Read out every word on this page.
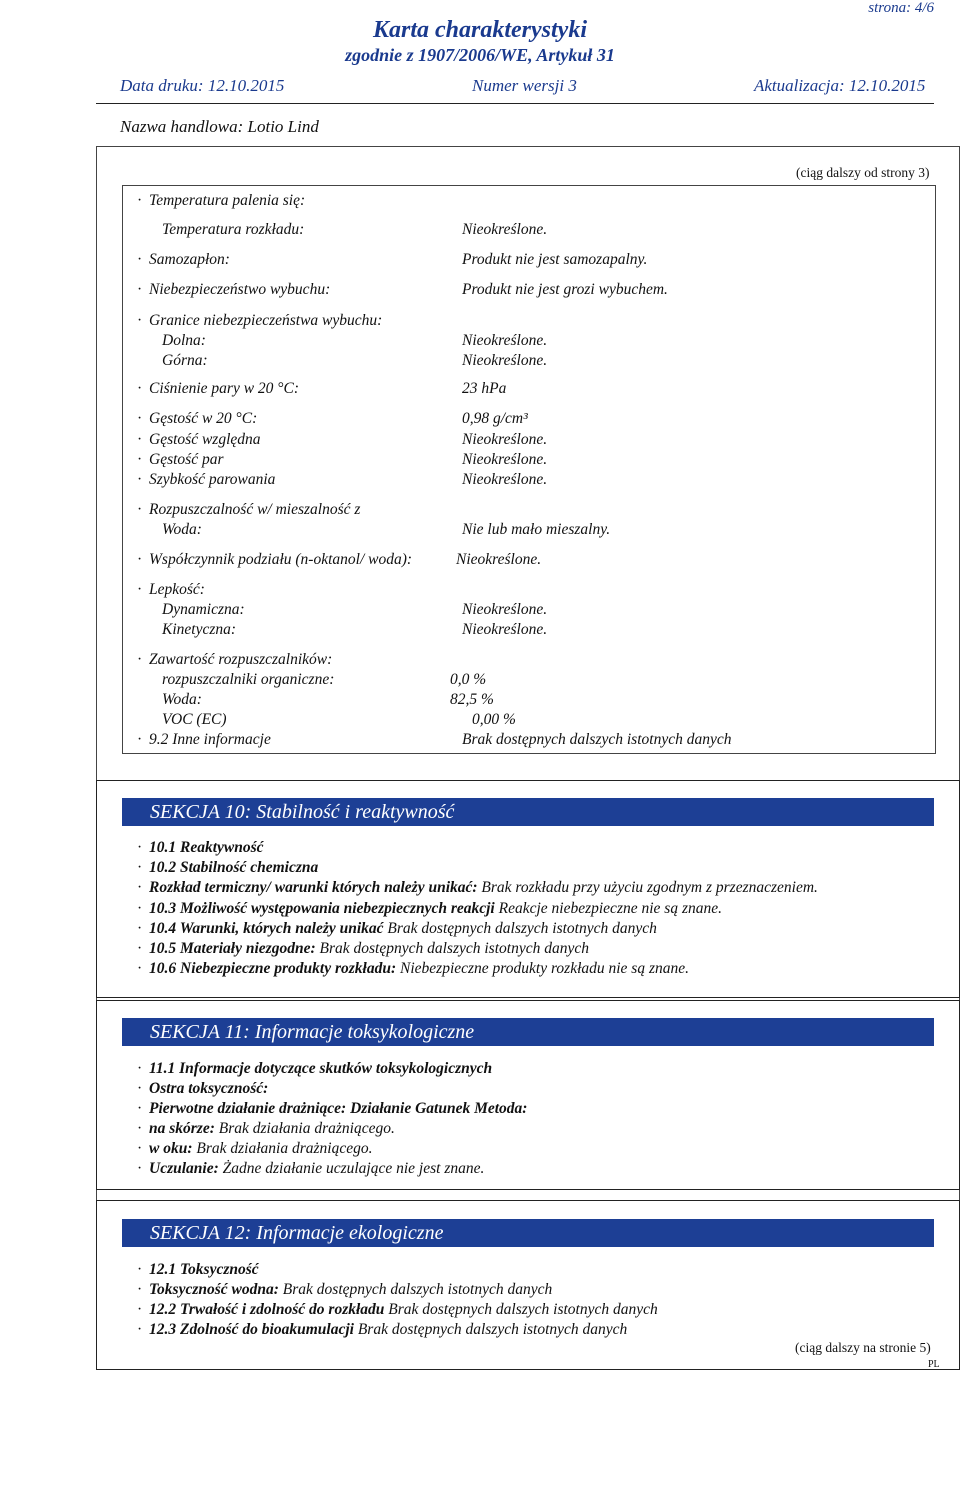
strona: 4/6
Karta charakterystyki
zgodnie z 1907/2006/WE, Artykuł 31
Data druku: 12.10.2015	Numer wersji 3	Aktualizacja: 12.10.2015
Nazwa handlowa: Lotio Lind
(ciąg dalszy od strony 3)
· Temperatura palenia się:
Temperatura rozkładu:	Nieokreślone.
· Samozapłon:	Produkt nie jest samozapalny.
· Niebezpieczeństwo wybuchu:	Produkt nie jest grozi wybuchem.
· Granice niebezpieczeństwa wybuchu:
Dolna:	Nieokreślone.
Górna:	Nieokreślone.
· Ciśnienie pary w 20 °C:	23 hPa
· Gęstość w 20 °C:	0,98 g/cm³
· Gęstość względna	Nieokreślone.
· Gęstość par	Nieokreślone.
· Szybkość parowania	Nieokreślone.
· Rozpuszczalność w/ mieszalność z
Woda:	Nie lub mało mieszalny.
· Współczynnik podziału (n-oktanol/ woda):	Nieokreślone.
· Lepkość:
Dynamiczna:	Nieokreślone.
Kinetyczna:	Nieokreślone.
· Zawartość rozpuszczalników:
rozpuszczalniki organiczne:	0,0 %
Woda:	82,5 %
VOC (EC)	0,00 %
· 9.2 Inne informacje	Brak dostępnych dalszych istotnych danych
SEKCJA 10: Stabilność i reaktywność
· 10.1 Reaktywność
· 10.2 Stabilność chemiczna
· Rozkład termiczny/ warunki których należy unikać: Brak rozkładu przy użyciu zgodnym z przeznaczeniem.
· 10.3 Możliwość występowania niebezpiecznych reakcji Reakcje niebezpieczne nie są znane.
· 10.4 Warunki, których należy unikać Brak dostępnych dalszych istotnych danych
· 10.5 Materiały niezgodne: Brak dostępnych dalszych istotnych danych
· 10.6 Niebezpieczne produkty rozkładu: Niebezpieczne produkty rozkładu nie są znane.
SEKCJA 11: Informacje toksykologiczne
· 11.1 Informacje dotyczące skutków toksykologicznych
· Ostra toksyczność:
· Pierwotne działanie drażniące: Działanie Gatunek Metoda:
· na skórze: Brak działania drażniącego.
· w oku: Brak działania drażniącego.
· Uczulanie: Żadne działanie uczulające nie jest znane.
SEKCJA 12: Informacje ekologiczne
· 12.1 Toksyczność
· Toksyczność wodna: Brak dostępnych dalszych istotnych danych
· 12.2 Trwałość i zdolność do rozkładu Brak dostępnych dalszych istotnych danych
· 12.3 Zdolność do bioakumulacji Brak dostępnych dalszych istotnych danych
(ciąg dalszy na stronie 5)
PL
